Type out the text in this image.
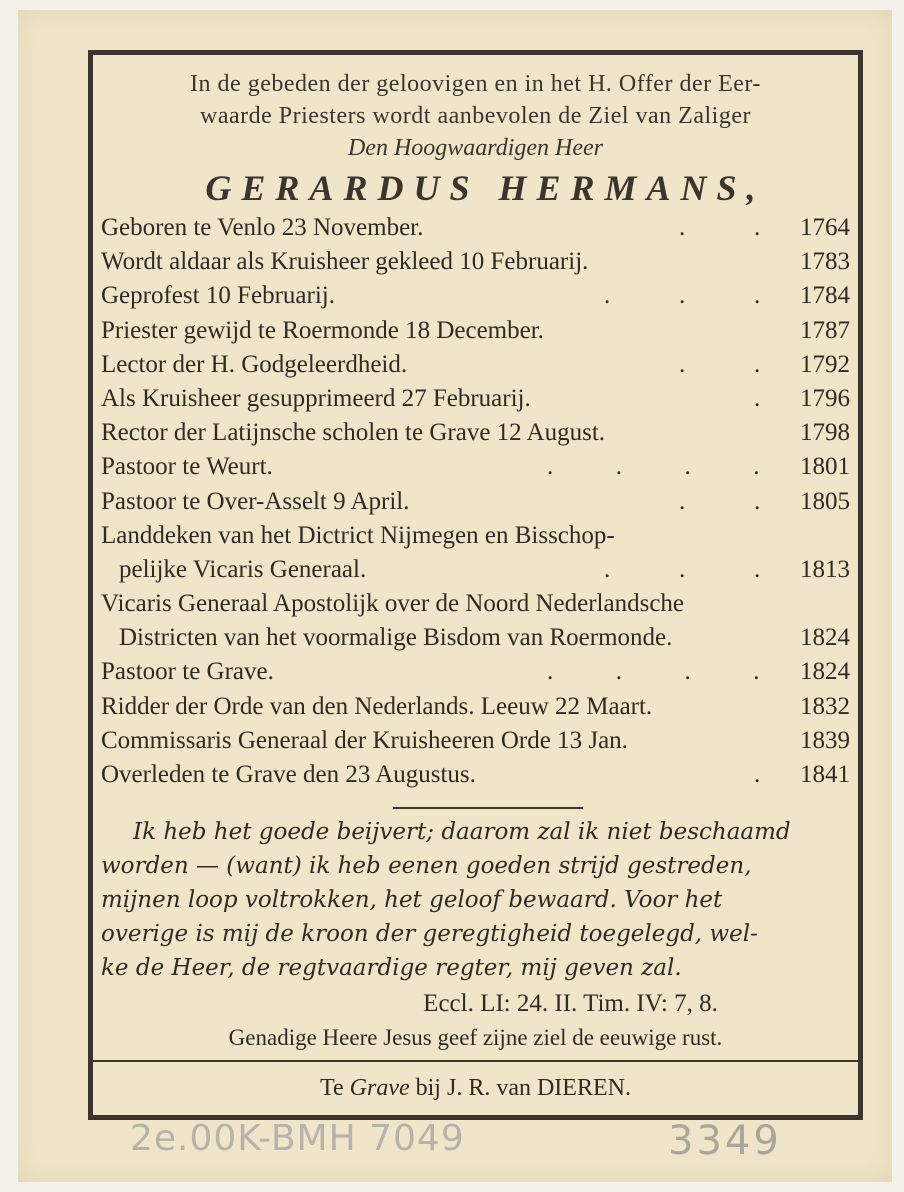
In de gebeden der geloovigen en in het H. Offer der Eer-
waarde Priesters wordt aanbevolen de Ziel van Zaliger
Den Hoogwaardigen Heer
GERARDUS HERMANS,
Geboren te Venlo 23 November.	.           . 1764
Wordt aldaar als Kruisheer gekleed 10 Februarij.	1783
Geprofest 10 Februarij.	.           .           . 1784
Priester gewijd te Roermonde 18 December.	1787
Lector der H. Godgeleerdheid.	.           . 1792
Als Kruisheer gesupprimeerd 27 Februarij.	. 1796
Rector der Latijnsche scholen te Grave 12 August.	1798
Pastoor te Weurt.	.          .          .          . 1801
Pastoor te Over-Asselt 9 April.	.           . 1805
Landdeken van het Dictrict Nijmegen en Bisschop-
pelijke Vicaris Generaal.	.           .           . 1813
Vicaris Generaal Apostolijk over de Noord Nederlandsche
Districten van het voormalige Bisdom van Roermonde.	1824
Pastoor te Grave.	.          .          .          . 1824
Ridder der Orde van den Nederlands. Leeuw 22 Maart.	1832
Commissaris Generaal der Kruisheeren Orde 13 Jan.	1839
Overleden te Grave den 23 Augustus.	. 1841
Ik heb het goede beijvert; daarom zal ik niet beschaamd
worden — (want) ik heb eenen goeden strijd gestreden,
mijnen loop voltrokken, het geloof bewaard. Voor het
overige is mij de kroon der geregtigheid toegelegd, wel-
ke de Heer, de regtvaardige regter, mij geven zal.
Eccl. LI: 24. II. Tim. IV: 7, 8.
Genadige Heere Jesus geef zijne ziel de eeuwige rust.
Te Grave bij J. R. van DIEREN.
2e.00K-BMH 7049	3349
